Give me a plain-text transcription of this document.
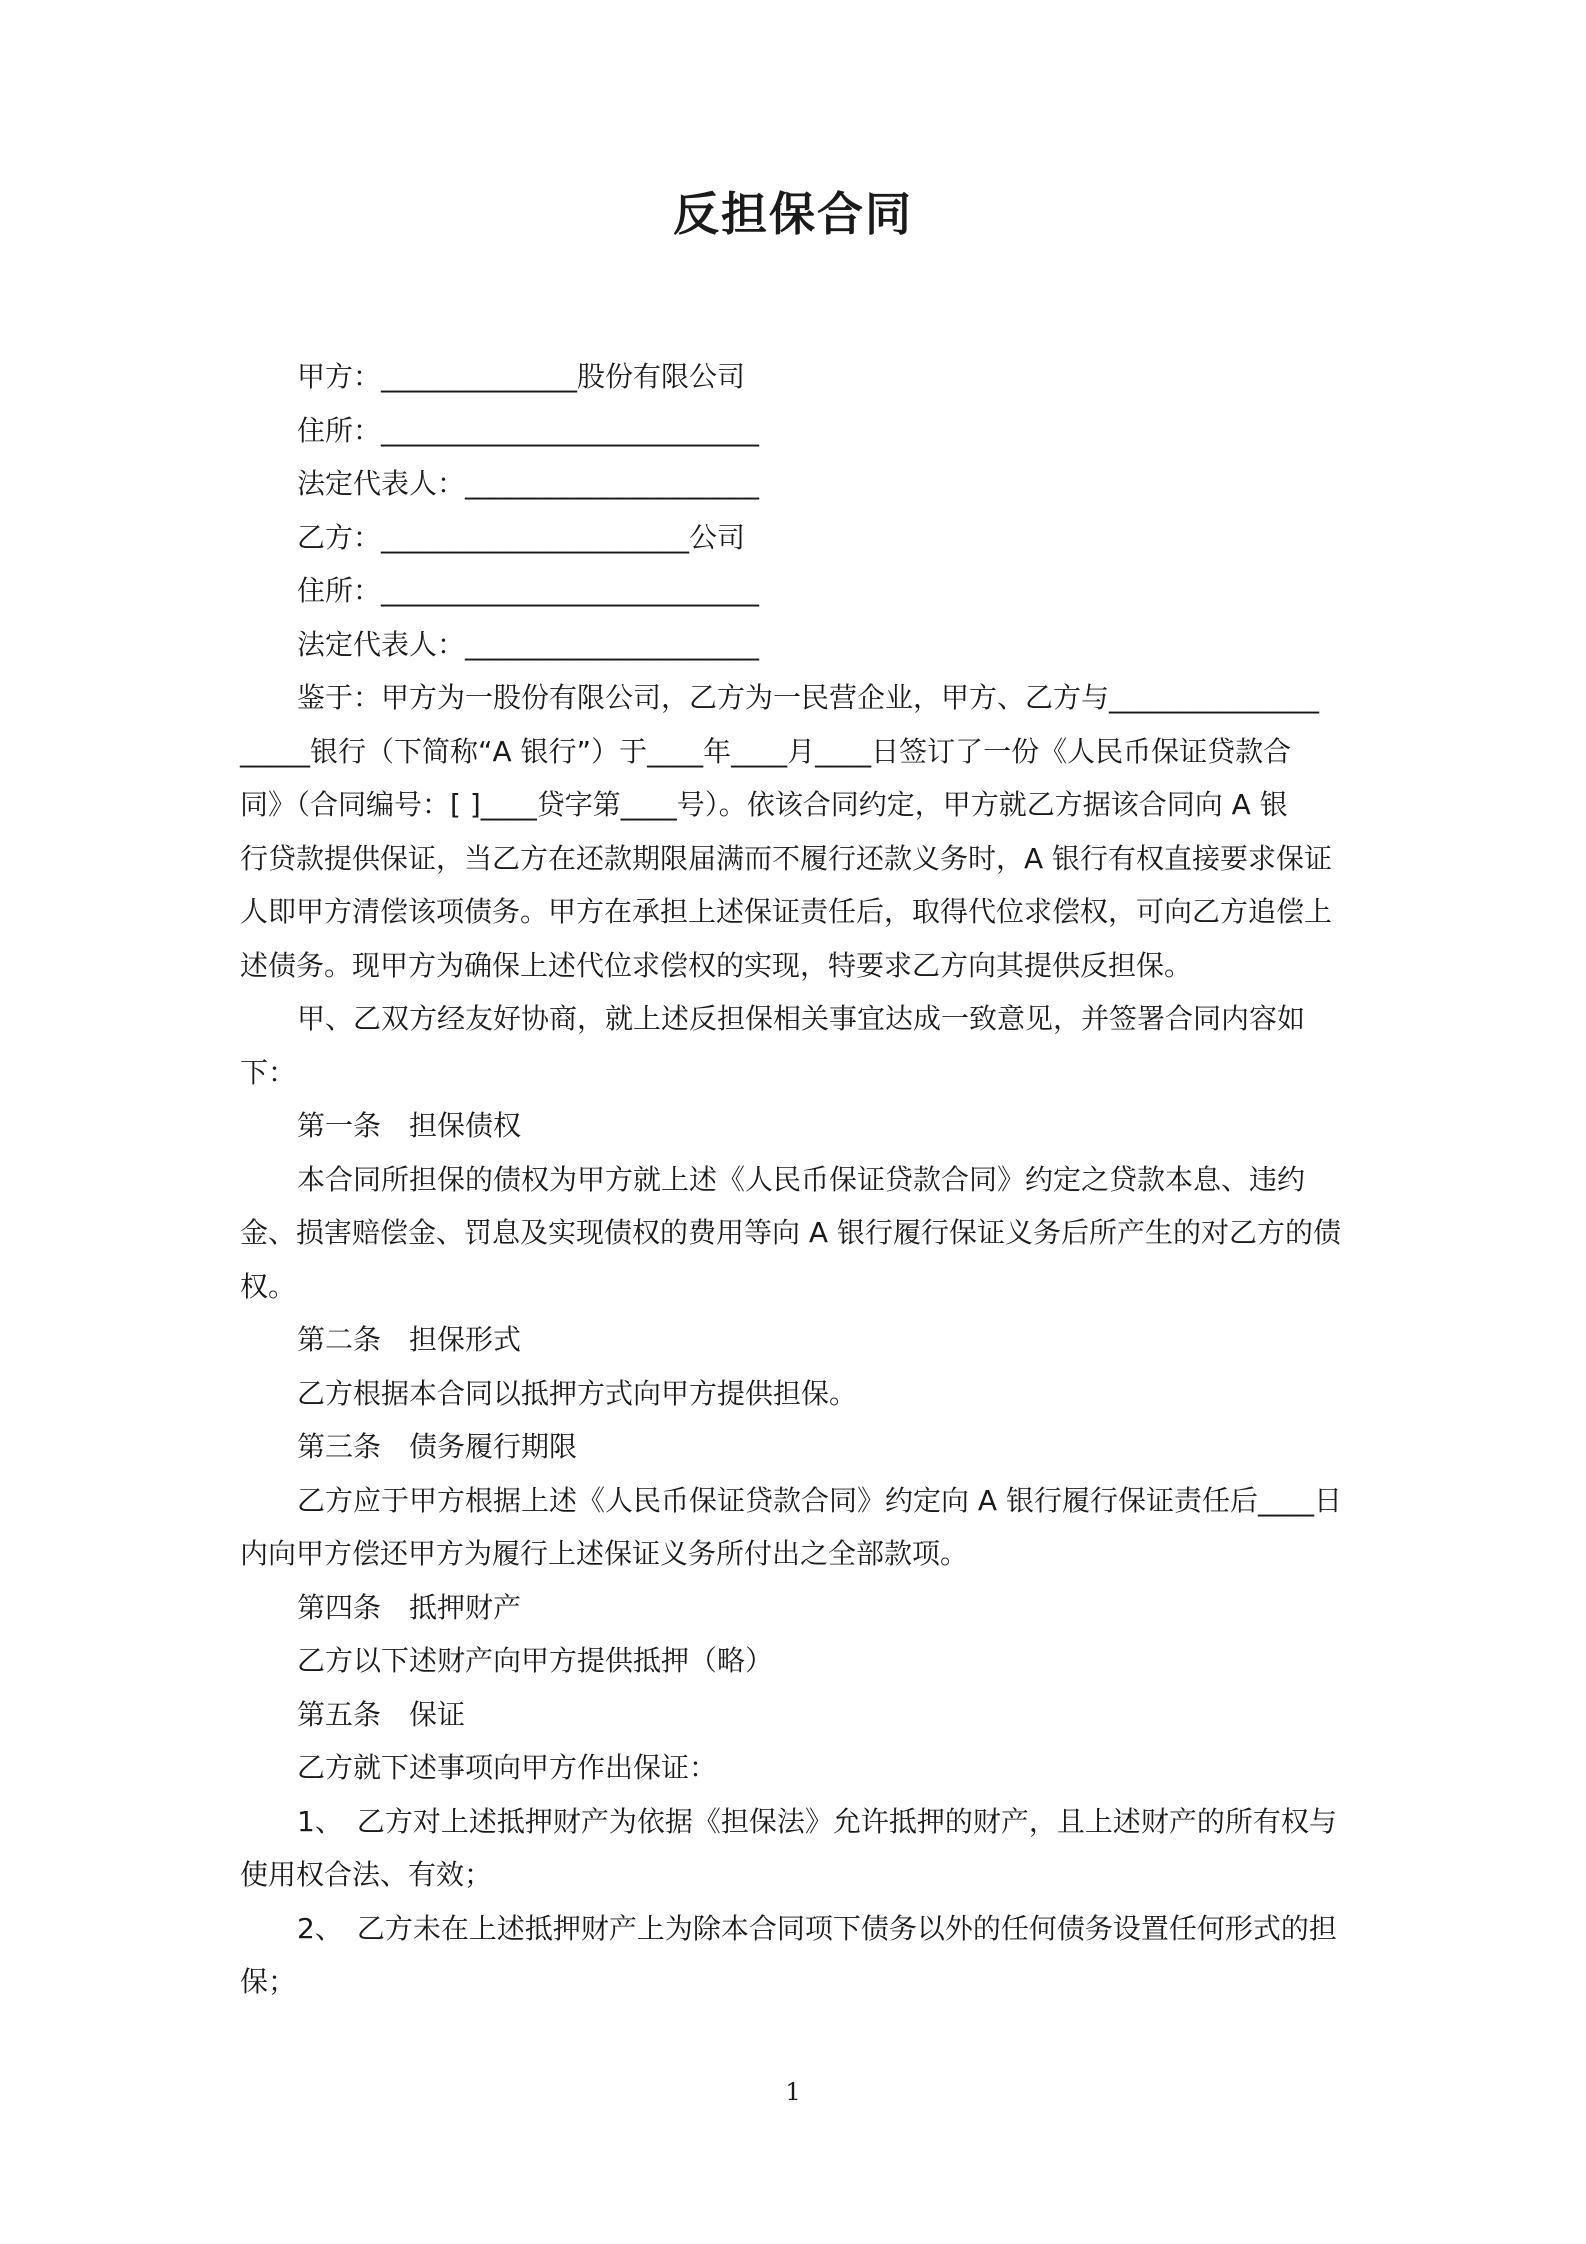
反担保合同
甲方：______________股份有限公司
住所：___________________________
法定代表人：_____________________
乙方：______________________公司
住所：___________________________
法定代表人：_____________________
鉴于：甲方为一股份有限公司，乙方为一民营企业，甲方、乙方与_______________
_____银行（下简称“A 银行”）于____年____月____日签订了一份《人民币保证贷款合
同》（合同编号：[ ]____贷字第____号）。依该合同约定，甲方就乙方据该合同向 A 银
行贷款提供保证，当乙方在还款期限届满而不履行还款义务时，A 银行有权直接要求保证
人即甲方清偿该项债务。甲方在承担上述保证责任后，取得代位求偿权，可向乙方追偿上
述债务。现甲方为确保上述代位求偿权的实现，特要求乙方向其提供反担保。
甲、乙双方经友好协商，就上述反担保相关事宜达成一致意见，并签署合同内容如
下：
第一条　担保债权
本合同所担保的债权为甲方就上述《人民币保证贷款合同》约定之贷款本息、违约
金、损害赔偿金、罚息及实现债权的费用等向 A 银行履行保证义务后所产生的对乙方的债
权。
第二条　担保形式
乙方根据本合同以抵押方式向甲方提供担保。
第三条　债务履行期限
乙方应于甲方根据上述《人民币保证贷款合同》约定向 A 银行履行保证责任后____日
内向甲方偿还甲方为履行上述保证义务所付出之全部款项。
第四条　抵押财产
乙方以下述财产向甲方提供抵押（略）
第五条　保证
乙方就下述事项向甲方作出保证：
1、　乙方对上述抵押财产为依据《担保法》允许抵押的财产，且上述财产的所有权与
使用权合法、有效；
2、　乙方未在上述抵押财产上为除本合同项下债务以外的任何债务设置任何形式的担
保；
1
